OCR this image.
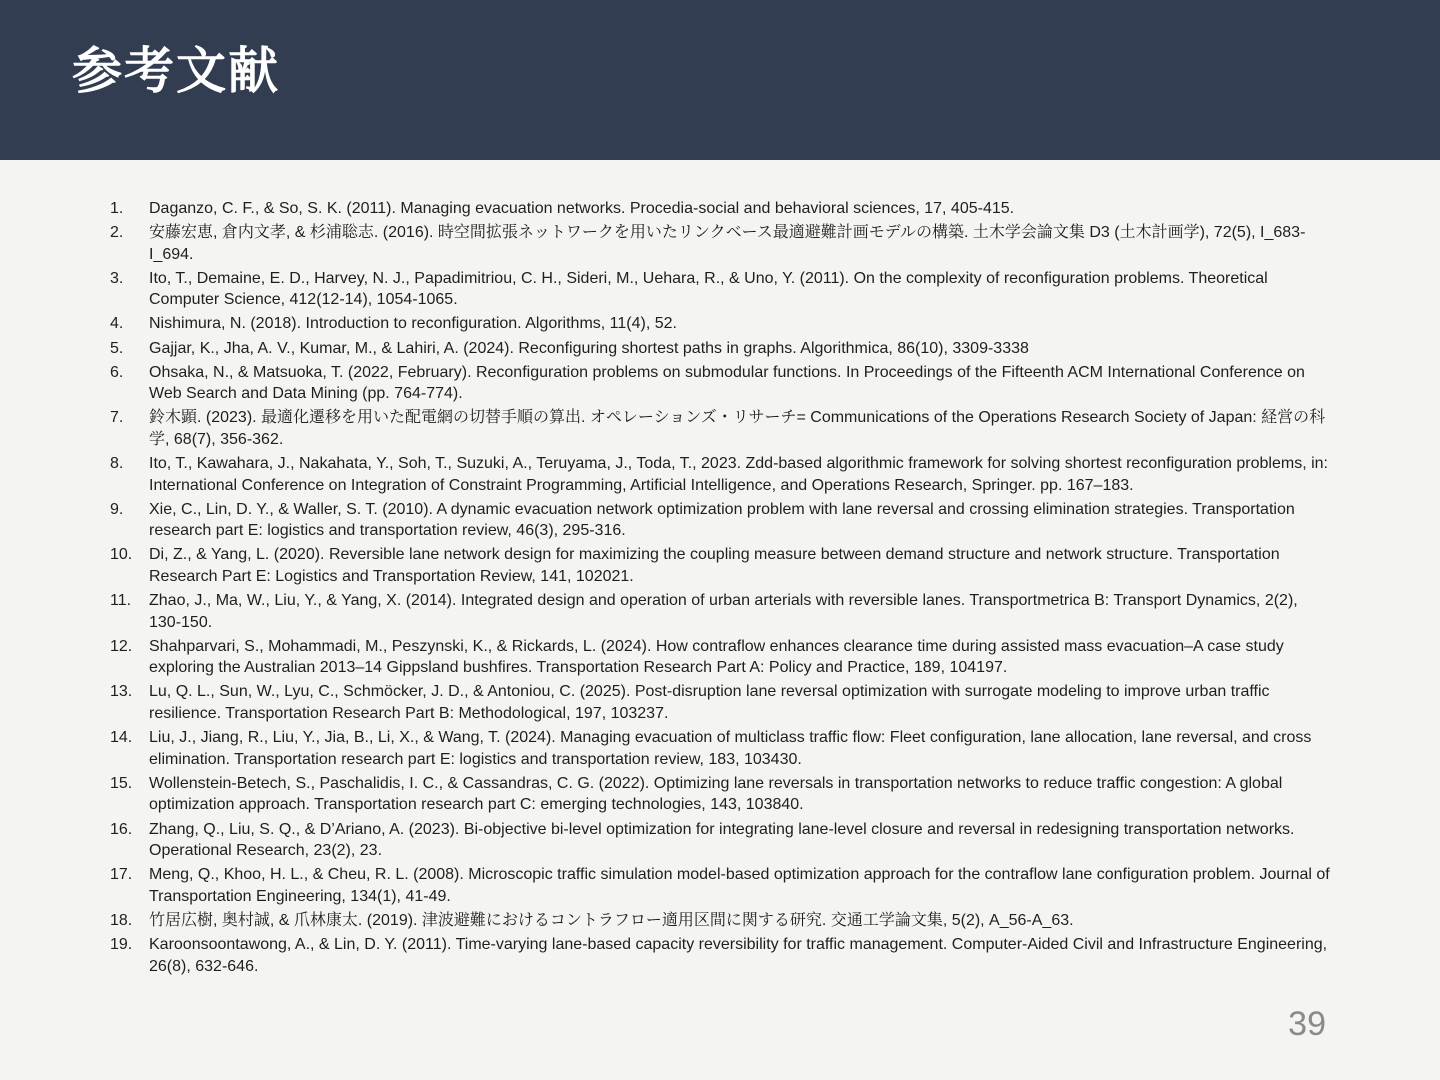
参考文献
1.	Daganzo, C. F., & So, S. K. (2011). Managing evacuation networks. Procedia-social and behavioral sciences, 17, 405-415.
2.	安藤宏恵, 倉内文孝, & 杉浦聡志. (2016). 時空間拡張ネットワークを用いたリンクベース最適避難計画モデルの構築. 土木学会論文集 D3 (土木計画学), 72(5), I_683-I_694.
3.	Ito, T., Demaine, E. D., Harvey, N. J., Papadimitriou, C. H., Sideri, M., Uehara, R., & Uno, Y. (2011). On the complexity of reconfiguration problems. Theoretical Computer Science, 412(12-14), 1054-1065.
4.	Nishimura, N. (2018). Introduction to reconfiguration. Algorithms, 11(4), 52.
5.	Gajjar, K., Jha, A. V., Kumar, M., & Lahiri, A. (2024). Reconfiguring shortest paths in graphs. Algorithmica, 86(10), 3309-3338
6.	Ohsaka, N., & Matsuoka, T. (2022, February). Reconfiguration problems on submodular functions. In Proceedings of the Fifteenth ACM International Conference on Web Search and Data Mining (pp. 764-774).
7.	鈴木顕. (2023). 最適化遷移を用いた配電網の切替手順の算出. オペレーションズ・リサーチ= Communications of the Operations Research Society of Japan: 経営の科学, 68(7), 356-362.
8.	Ito, T., Kawahara, J., Nakahata, Y., Soh, T., Suzuki, A., Teruyama, J., Toda, T., 2023. Zdd-based algorithmic framework for solving shortest reconfiguration problems, in: International Conference on Integration of Constraint Programming, Artificial Intelligence, and Operations Research, Springer. pp. 167–183.
9.	Xie, C., Lin, D. Y., & Waller, S. T. (2010). A dynamic evacuation network optimization problem with lane reversal and crossing elimination strategies. Transportation research part E: logistics and transportation review, 46(3), 295-316.
10.	Di, Z., & Yang, L. (2020). Reversible lane network design for maximizing the coupling measure between demand structure and network structure. Transportation Research Part E: Logistics and Transportation Review, 141, 102021.
11.	Zhao, J., Ma, W., Liu, Y., & Yang, X. (2014). Integrated design and operation of urban arterials with reversible lanes. Transportmetrica B: Transport Dynamics, 2(2), 130-150.
12.	Shahparvari, S., Mohammadi, M., Peszynski, K., & Rickards, L. (2024). How contraflow enhances clearance time during assisted mass evacuation–A case study exploring the Australian 2013–14 Gippsland bushfires. Transportation Research Part A: Policy and Practice, 189, 104197.
13.	Lu, Q. L., Sun, W., Lyu, C., Schmöcker, J. D., & Antoniou, C. (2025). Post-disruption lane reversal optimization with surrogate modeling to improve urban traffic resilience. Transportation Research Part B: Methodological, 197, 103237.
14.	Liu, J., Jiang, R., Liu, Y., Jia, B., Li, X., & Wang, T. (2024). Managing evacuation of multiclass traffic flow: Fleet configuration, lane allocation, lane reversal, and cross elimination. Transportation research part E: logistics and transportation review, 183, 103430.
15.	Wollenstein-Betech, S., Paschalidis, I. C., & Cassandras, C. G. (2022). Optimizing lane reversals in transportation networks to reduce traffic congestion: A global optimization approach. Transportation research part C: emerging technologies, 143, 103840.
16.	Zhang, Q., Liu, S. Q., & D’Ariano, A. (2023). Bi-objective bi-level optimization for integrating lane-level closure and reversal in redesigning transportation networks. Operational Research, 23(2), 23.
17.	Meng, Q., Khoo, H. L., & Cheu, R. L. (2008). Microscopic traffic simulation model-based optimization approach for the contraflow lane configuration problem. Journal of Transportation Engineering, 134(1), 41-49.
18.	竹居広樹, 奥村誠, & 爪林康太. (2019). 津波避難におけるコントラフロー適用区間に関する研究. 交通工学論文集, 5(2), A_56-A_63.
19.	Karoonsoontawong, A., & Lin, D. Y. (2011). Time-varying lane-based capacity reversibility for traffic management. Computer-Aided Civil and Infrastructure Engineering, 26(8), 632-646.
39
